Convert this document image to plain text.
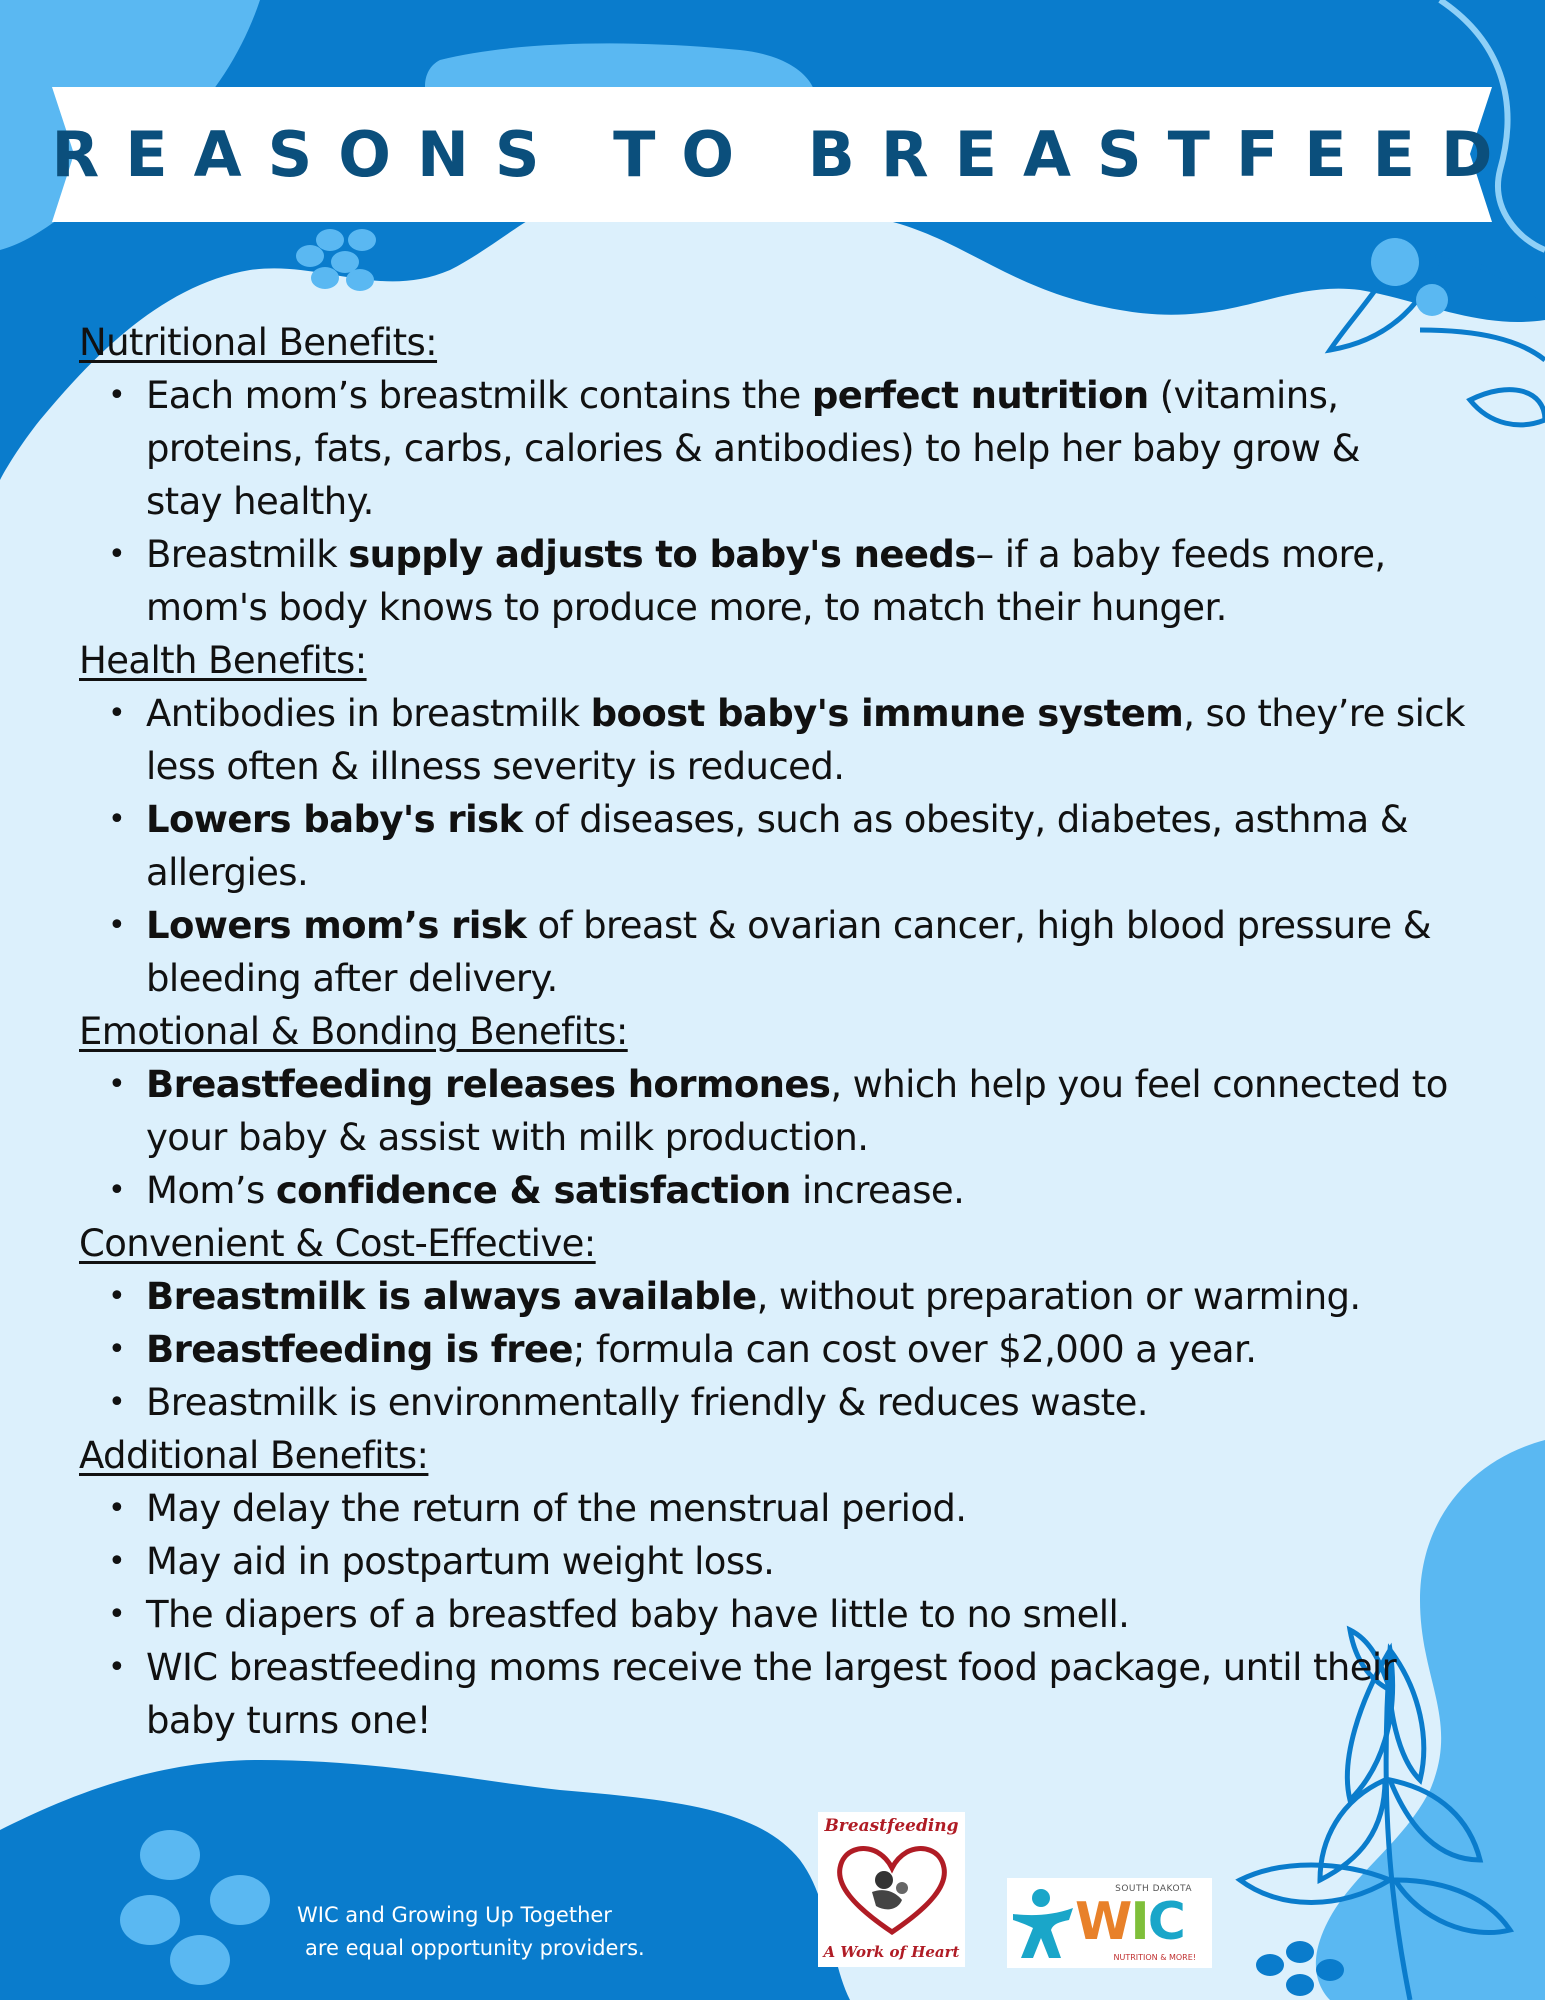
REASONS TO BREASTFEED
Nutritional Benefits:
• Each mom’s breastmilk contains the perfect nutrition (vitamins,
proteins, fats, carbs, calories & antibodies) to help her baby grow &
stay healthy.
• Breastmilk supply adjusts to baby's needs– if a baby feeds more,
mom's body knows to produce more, to match their hunger.
Health Benefits:
• Antibodies in breastmilk boost baby's immune system, so they’re sick
less often & illness severity is reduced.
• Lowers baby's risk of diseases, such as obesity, diabetes, asthma &
allergies.
• Lowers mom’s risk of breast & ovarian cancer, high blood pressure &
bleeding after delivery.
Emotional & Bonding Benefits:
• Breastfeeding releases hormones, which help you feel connected to
your baby & assist with milk production.
• Mom’s confidence & satisfaction increase.
Convenient & Cost-Effective:
• Breastmilk is always available, without preparation or warming.
• Breastfeeding is free; formula can cost over $2,000 a year.
• Breastmilk is environmentally friendly & reduces waste.
Additional Benefits:
• May delay the return of the menstrual period.
• May aid in postpartum weight loss.
• The diapers of a breastfed baby have little to no smell.
• WIC breastfeeding moms receive the largest food package, until their
baby turns one!
WIC and Growing Up Together
are equal opportunity providers.
Breastfeeding
A Work of Heart
SOUTH DAKOTA
WIC
NUTRITION & MORE!
